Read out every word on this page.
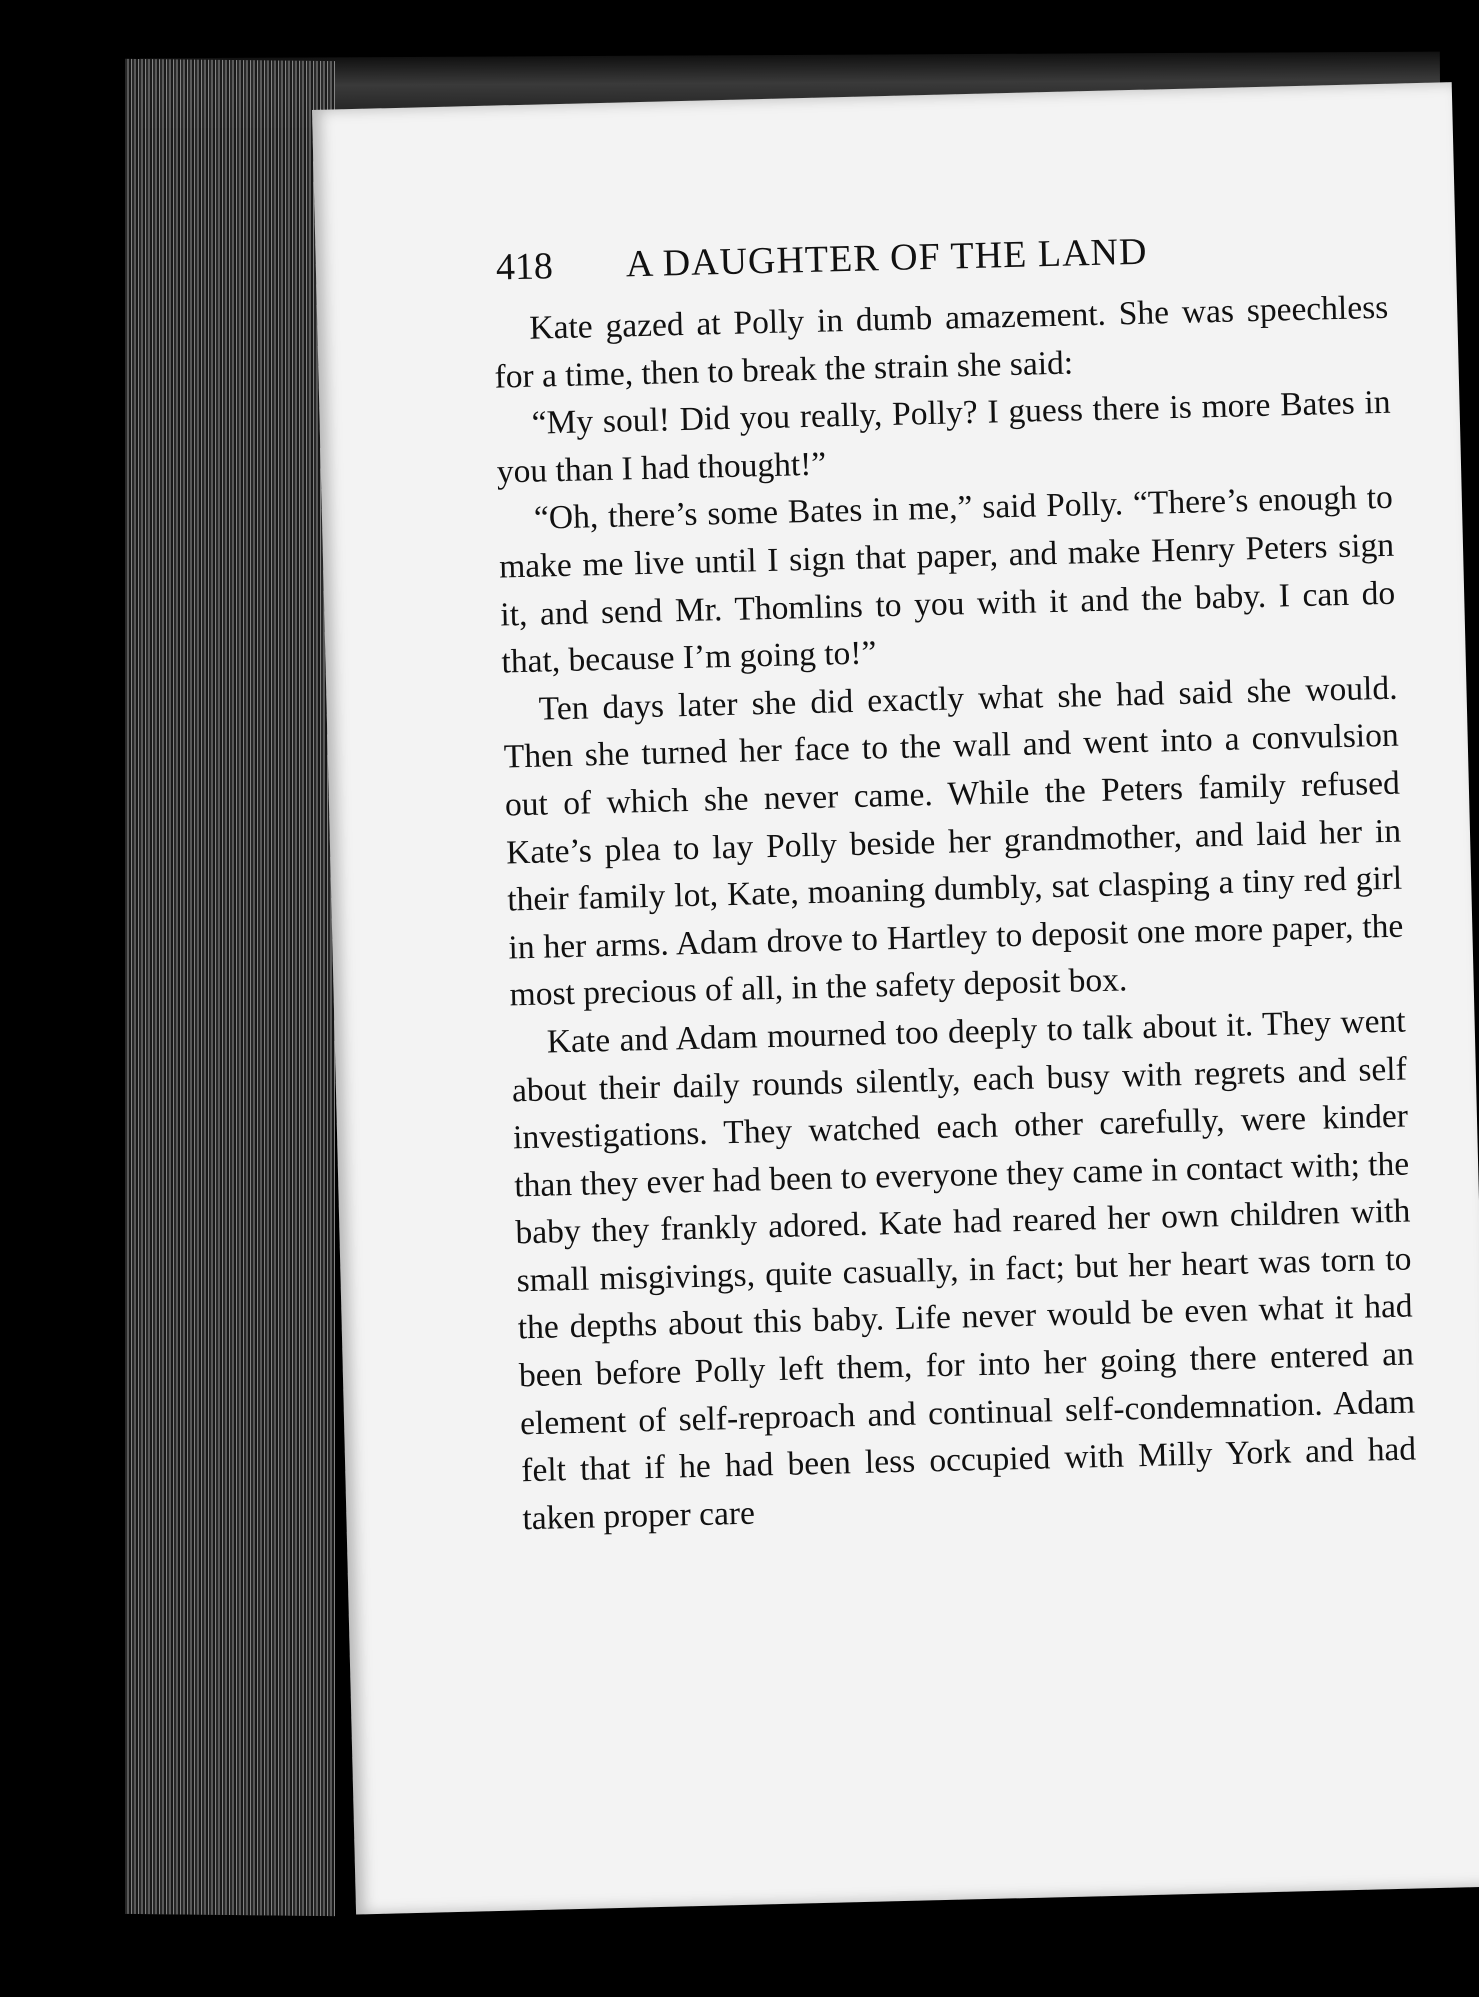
418	A DAUGHTER OF THE LAND

Kate gazed at Polly in dumb amazement. She was speechless for a time, then to break the strain she said:

“My soul! Did you really, Polly? I guess there is more Bates in you than I had thought!”

“Oh, there’s some Bates in me,” said Polly. “There’s enough to make me live until I sign that paper, and make Henry Peters sign it, and send Mr. Thomlins to you with it and the baby. I can do that, because I’m going to!”

Ten days later she did exactly what she had said she would. Then she turned her face to the wall and went into a convulsion out of which she never came. While the Peters family refused Kate’s plea to lay Polly beside her grandmother, and laid her in their family lot, Kate, moaning dumbly, sat clasping a tiny red girl in her arms. Adam drove to Hartley to deposit one more paper, the most precious of all, in the safety deposit box.

Kate and Adam mourned too deeply to talk about it. They went about their daily rounds silently, each busy with regrets and self investigations. They watched each other carefully, were kinder than they ever had been to everyone they came in contact with; the baby they frankly adored. Kate had reared her own children with small misgivings, quite casually, in fact; but her heart was torn to the depths about this baby. Life never would be even what it had been before Polly left them, for into her going there entered an element of self-reproach and continual self-condemnation. Adam felt that if he had been less occupied with Milly York and had taken proper care
